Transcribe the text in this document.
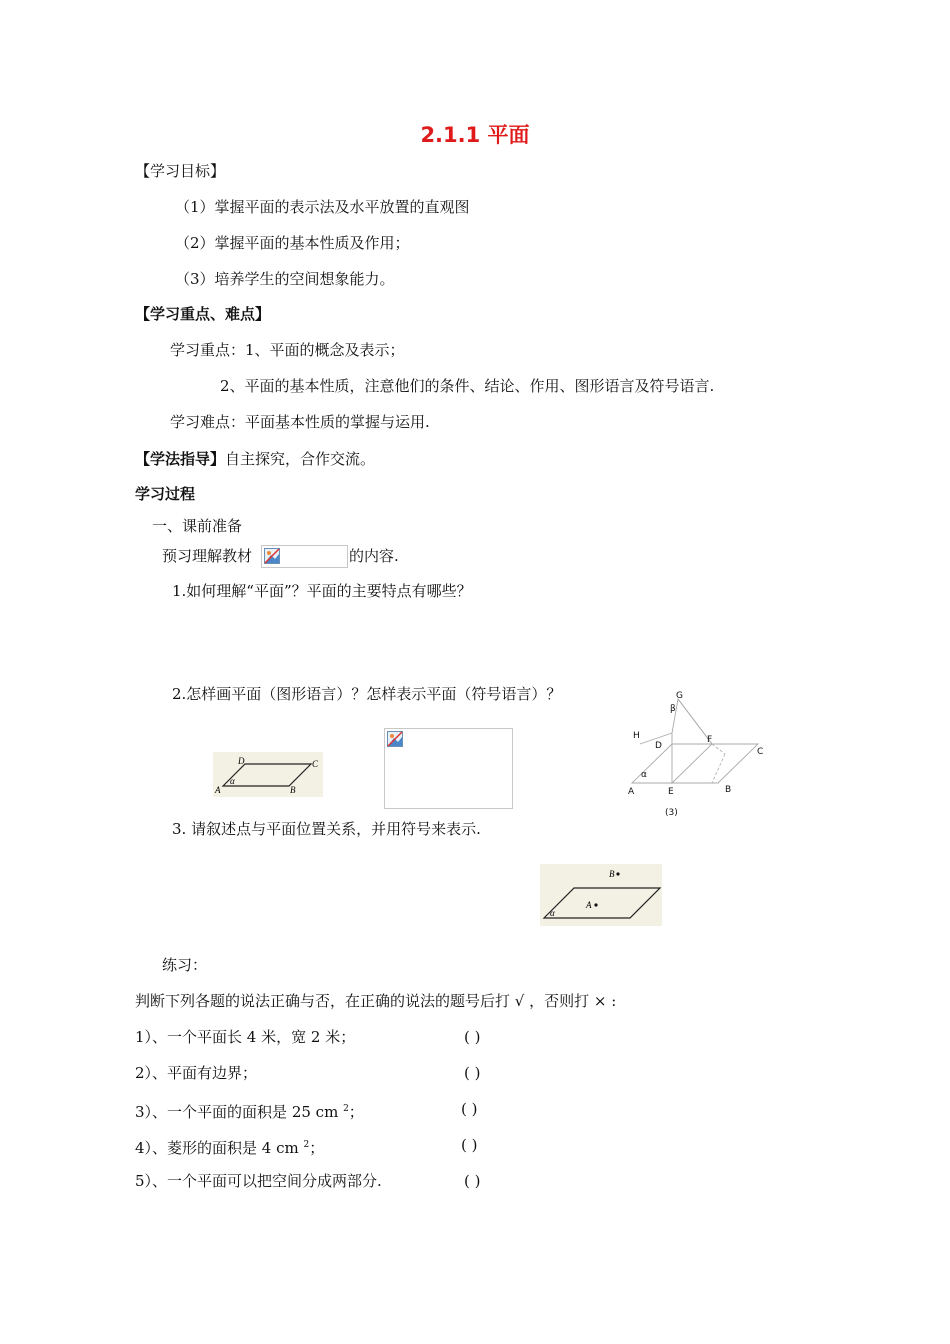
2.1.1 平面
【学习目标】
（1）掌握平面的表示法及水平放置的直观图
（2）掌握平面的基本性质及作用；
（3）培养学生的空间想象能力。
【学习重点、难点】
学习重点：1、平面的概念及表示；
2、平面的基本性质，注意他们的条件、结论、作用、图形语言及符号语言.
学习难点：平面基本性质的掌握与运用.
【学法指导】自主探究，合作交流。
学习过程
一、课前准备
预习理解教材	的内容.
1.如何理解“平面”？平面的主要特点有哪些？
2.怎样画平面（图形语言）？怎样表示平面（符号语言）？
A	B
C
D
α
G
β
H
D
F
C
α
A	E	B
(3)
3. 请叙述点与平面位置关系，并用符号来表示.
B
A
α
练习：
判断下列各题的说法正确与否，在正确的说法的题号后打 √ ，否则打 × :
1）、一个平面长 4 米，宽 2 米；	( )
2）、平面有边界；	( )
3）、一个平面的面积是 25 cm $^2$；	( )
4）、菱形的面积是 4 cm $^2$；	( )
5）、一个平面可以把空间分成两部分.	( )
